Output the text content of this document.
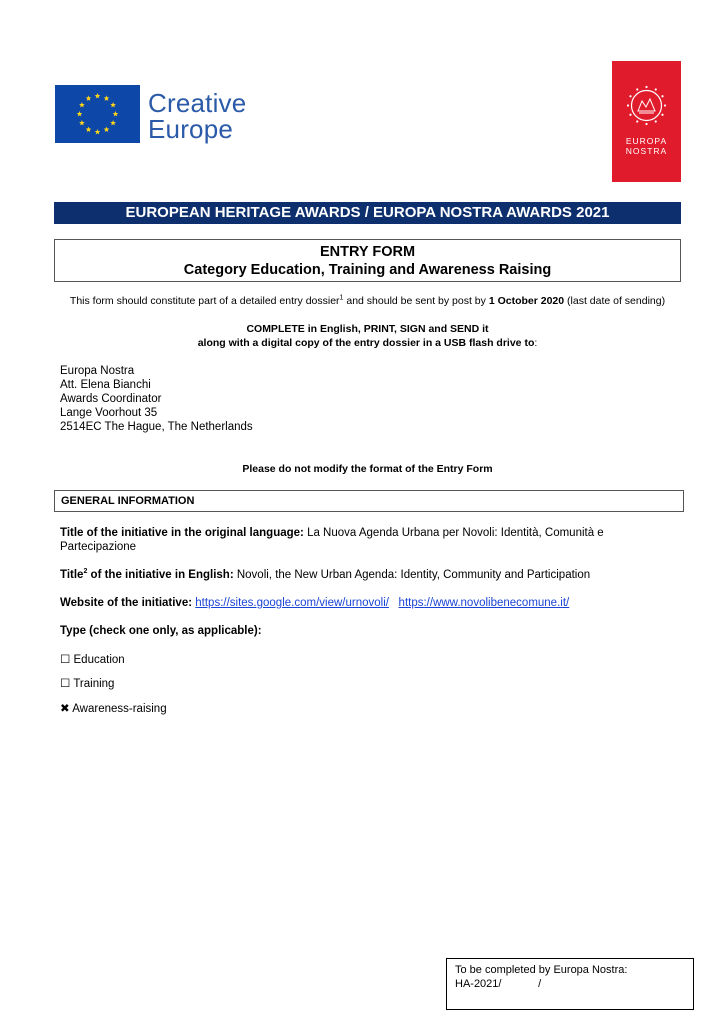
Creative
Europe	EUROPA
NOSTRA
EUROPEAN HERITAGE AWARDS / EUROPA NOSTRA AWARDS 2021
ENTRY FORM
Category Education, Training and Awareness Raising
This form should constitute part of a detailed entry dossier$^1$ and should be sent by post by 1 October 2020 (last date of sending)
COMPLETE in English, PRINT, SIGN and SEND it
along with a digital copy of the entry dossier in a USB flash drive to:
Europa Nostra
Att. Elena Bianchi
Awards Coordinator
Lange Voorhout 35
2514EC The Hague, The Netherlands
Please do not modify the format of the Entry Form
GENERAL INFORMATION
Title of the initiative in the original language: La Nuova Agenda Urbana per Novoli: Identità, Comunità e Partecipazione
Title$^2$ of the initiative in English: Novoli, the New Urban Agenda: Identity, Community and Participation
Website of the initiative: https://sites.google.com/view/urnovoli/ https://www.novolibenecomune.it/
Type (check one only, as applicable):
☐ Education
☐ Training
✖ Awareness-raising
To be completed by Europa Nostra:
HA-2021/            /
